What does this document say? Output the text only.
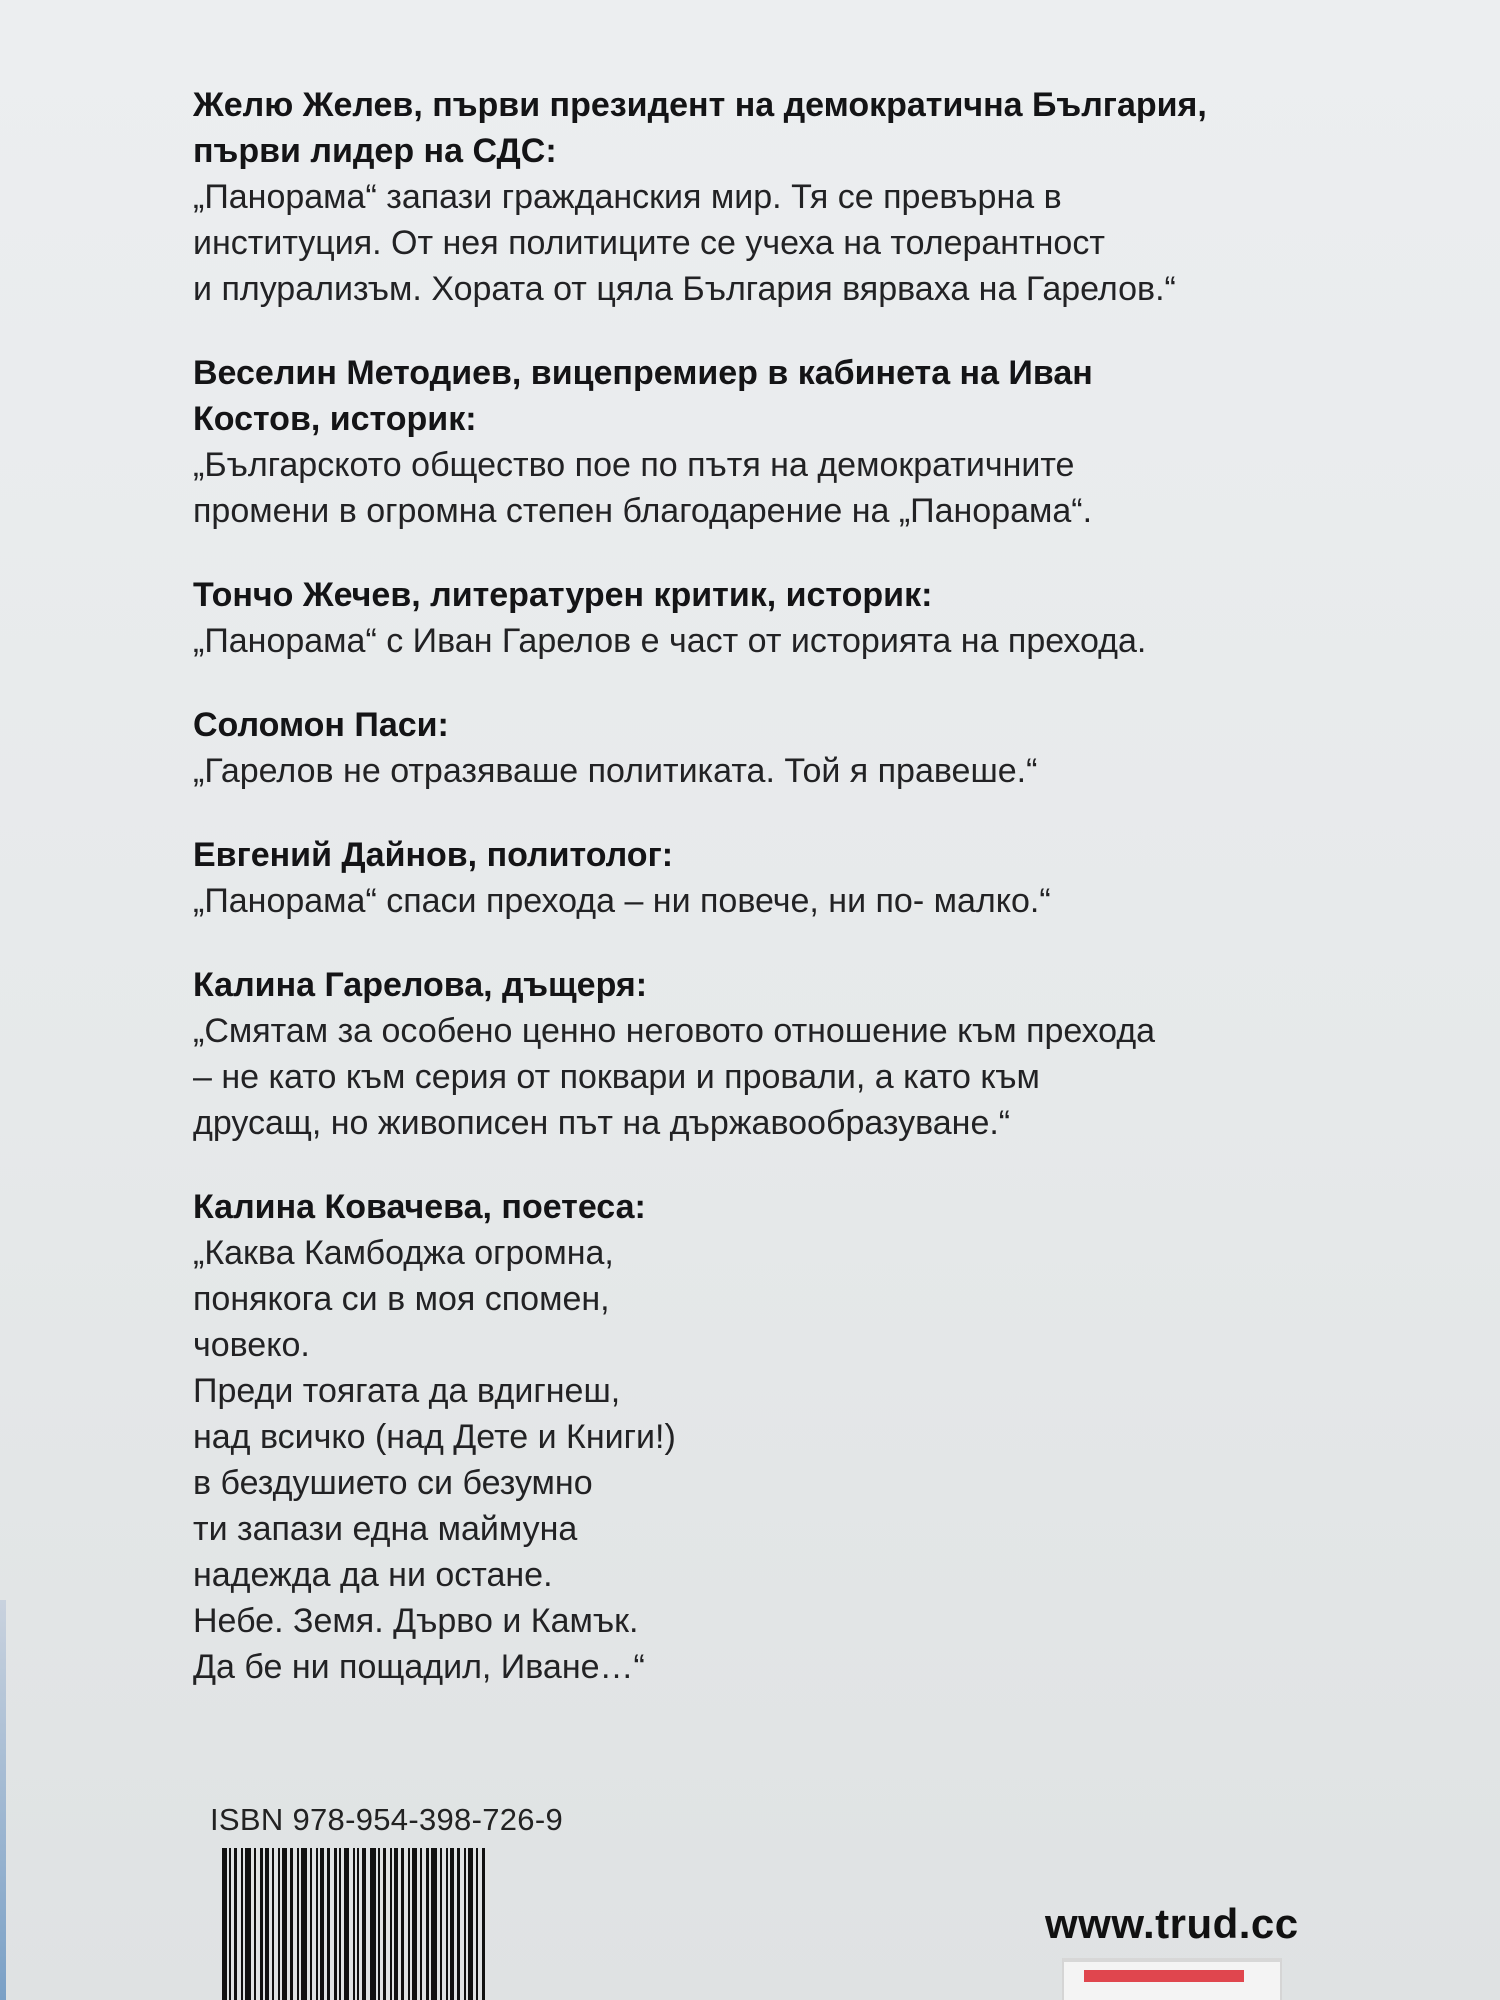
Желю Желев, първи президент на демократична България,
първи лидер на СДС:
„Панорама“ запази гражданския мир. Тя се превърна в
институция. От нея политиците се учеха на толерантност
и плурализъм. Хората от цяла България вярваха на Гарелов.“
Веселин Методиев, вицепремиер в кабинета на Иван
Костов, историк:
„Българското общество пое по пътя на демократичните
промени в огромна степен благодарение на „Панорама“.
Тончо Жечев, литературен критик, историк:
„Панорама“ с Иван Гарелов е част от историята на прехода.
Соломон Паси:
„Гарелов не отразяваше политиката. Той я правеше.“
Евгений Дайнов, политолог:
„Панорама“ спаси прехода – ни повече, ни по- малко.“
Калина Гарелова, дъщеря:
„Смятам за особено ценно неговото отношение към прехода
– не като към серия от поквари и провали, а като към
друсащ, но живописен път на държавообразуване.“
Калина Ковачева, поетеса:
„Каква Камбоджа огромна,
понякога си в моя спомен,
човеко.
Преди тоягата да вдигнеш,
над всичко (над Дете и Книги!)
в бездушието си безумно
ти запази една маймуна
надежда да ни остане.
Небе. Земя. Дърво и Камък.
Да бе ни пощадил, Иване…“
ISBN 978-954-398-726-9
www.trud.cc
